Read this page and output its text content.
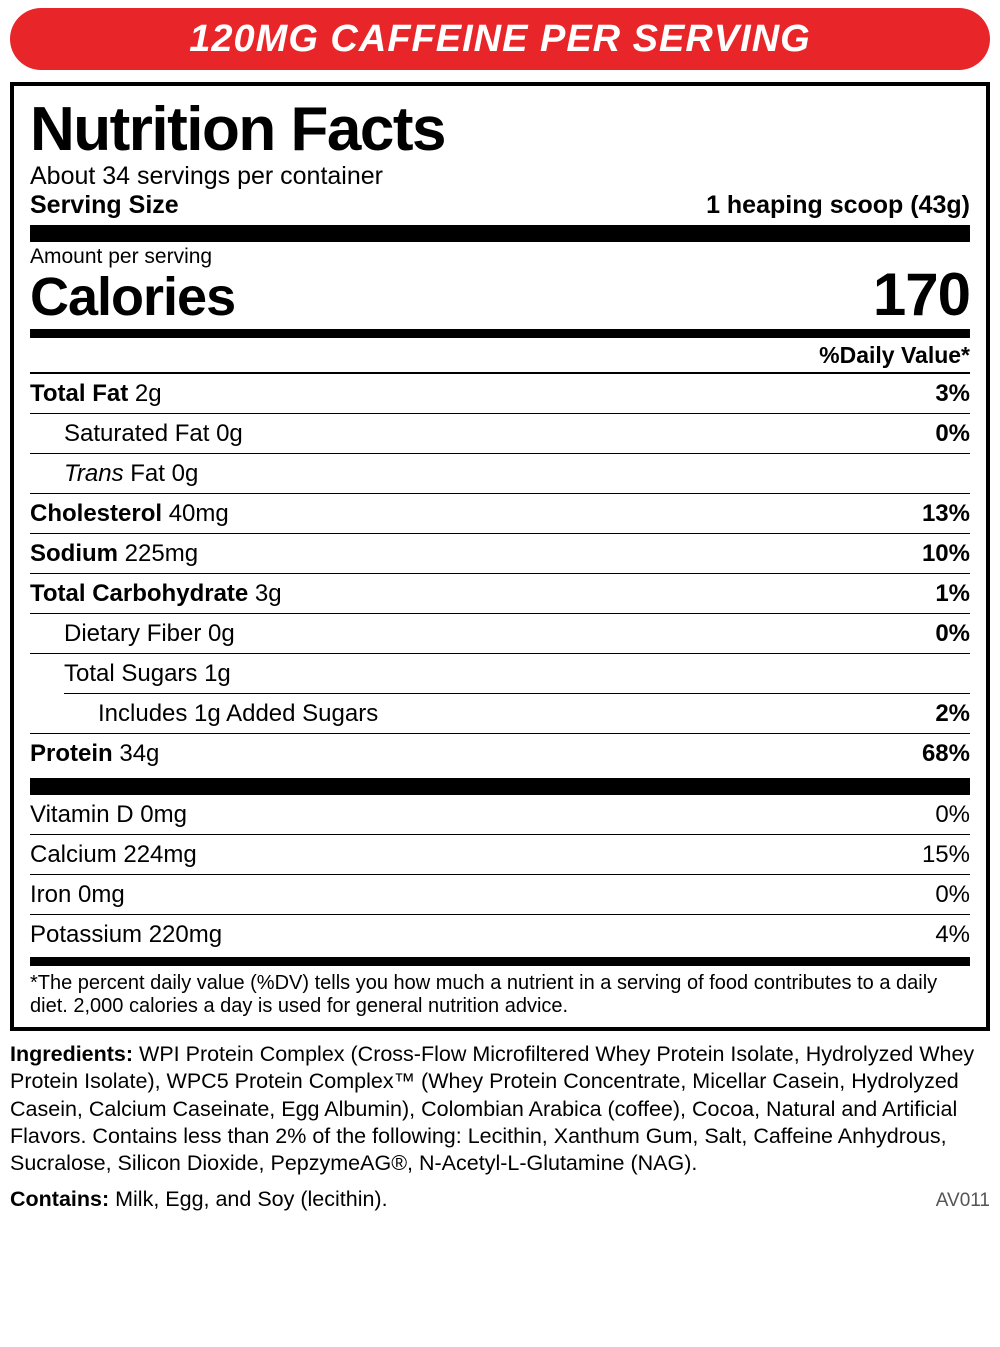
120MG CAFFEINE PER SERVING
Nutrition Facts
About 34 servings per container
Serving Size	1 heaping scoop (43g)
Amount per serving
Calories	170
%Daily Value*
Total Fat 2g	3%
Saturated Fat 0g	0%
Trans Fat 0g
Cholesterol 40mg	13%
Sodium 225mg	10%
Total Carbohydrate 3g	1%
Dietary Fiber 0g	0%
Total Sugars 1g
Includes 1g Added Sugars	2%
Protein 34g	68%
Vitamin D 0mg	0%
Calcium 224mg	15%
Iron 0mg	0%
Potassium 220mg	4%
*The percent daily value (%DV) tells you how much a nutrient in a serving of food contributes to a daily diet. 2,000 calories a day is used for general nutrition advice.
Ingredients: WPI Protein Complex (Cross-Flow Microfiltered Whey Protein Isolate, Hydrolyzed Whey Protein Isolate), WPC5 Protein Complex™ (Whey Protein Concentrate, Micellar Casein, Hydrolyzed Casein, Calcium Caseinate, Egg Albumin), Colombian Arabica (coffee), Cocoa, Natural and Artificial Flavors. Contains less than 2% of the following: Lecithin, Xanthum Gum, Salt, Caffeine Anhydrous, Sucralose, Silicon Dioxide, PepzymeAG®, N-Acetyl-L-Glutamine (NAG).
Contains: Milk, Egg, and Soy (lecithin).	AV011
